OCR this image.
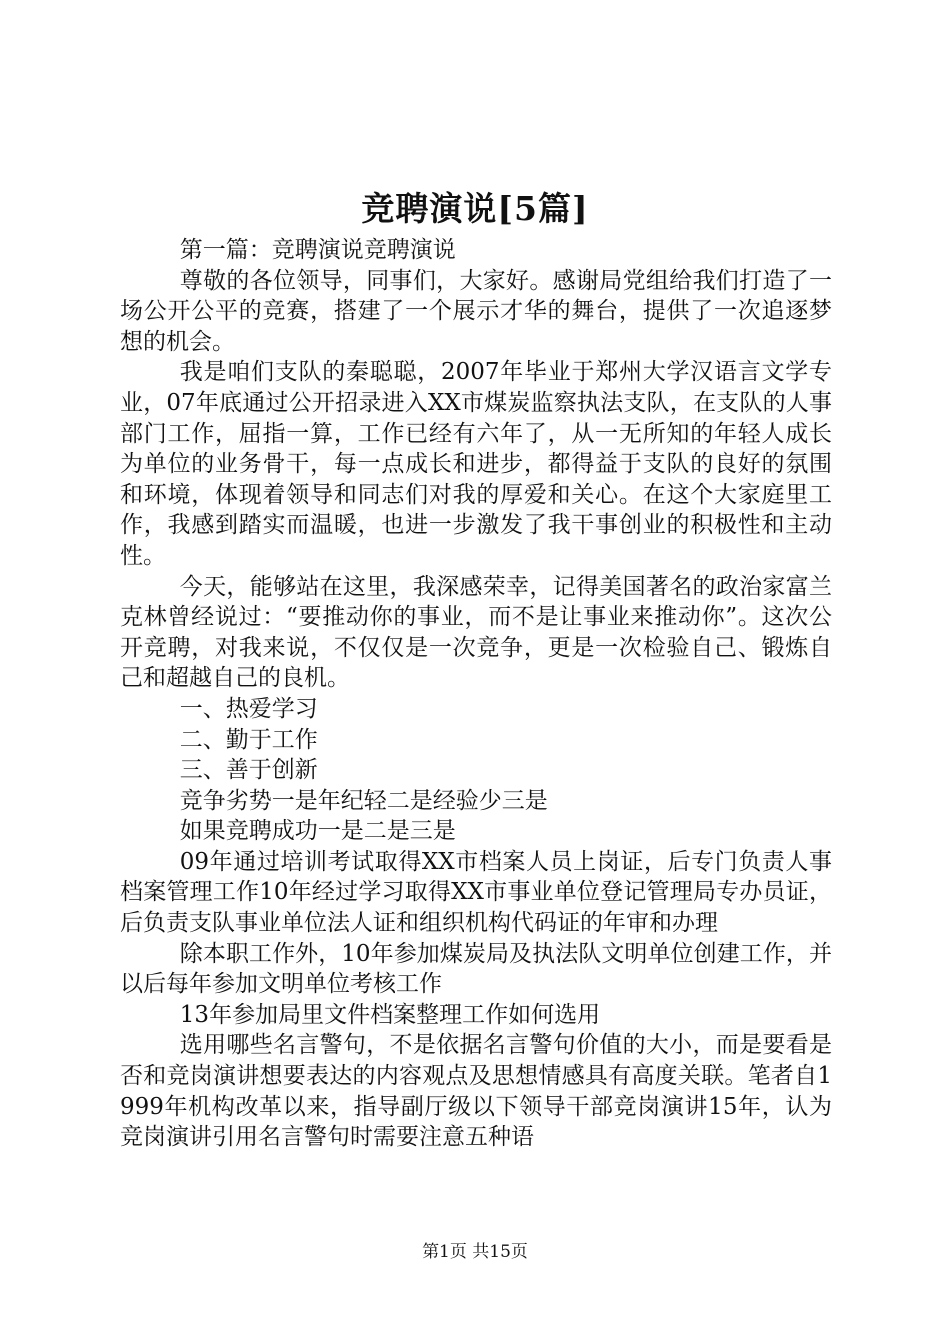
竞聘演说[5篇]

第一篇：竞聘演说竞聘演说

尊敬的各位领导，同事们，大家好。感谢局党组给我们打造了一场公开公平的竞赛，搭建了一个展示才华的舞台，提供了一次追逐梦想的机会。

我是咱们支队的秦聪聪，2007年毕业于郑州大学汉语言文学专业，07年底通过公开招录进入XX市煤炭监察执法支队，在支队的人事部门工作，屈指一算，工作已经有六年了，从一无所知的年轻人成长为单位的业务骨干，每一点成长和进步，都得益于支队的良好的氛围和环境，体现着领导和同志们对我的厚爱和关心。在这个大家庭里工作，我感到踏实而温暖，也进一步激发了我干事创业的积极性和主动性。

今天，能够站在这里，我深感荣幸，记得美国著名的政治家富兰克林曾经说过：“要推动你的事业，而不是让事业来推动你”。这次公开竞聘，对我来说，不仅仅是一次竞争，更是一次检验自己、锻炼自己和超越自己的良机。

一、热爱学习

二、勤于工作

三、善于创新

竞争劣势一是年纪轻二是经验少三是

如果竞聘成功一是二是三是

09年通过培训考试取得XX市档案人员上岗证，后专门负责人事档案管理工作10年经过学习取得XX市事业单位登记管理局专办员证，后负责支队事业单位法人证和组织机构代码证的年审和办理

除本职工作外，10年参加煤炭局及执法队文明单位创建工作，并以后每年参加文明单位考核工作

13年参加局里文件档案整理工作如何选用

选用哪些名言警句，不是依据名言警句价值的大小，而是要看是否和竞岗演讲想要表达的内容观点及思想情感具有高度关联。笔者自1999年机构改革以来，指导副厅级以下领导干部竞岗演讲15年，认为竞岗演讲引用名言警句时需要注意五种语

第1页 共15页
